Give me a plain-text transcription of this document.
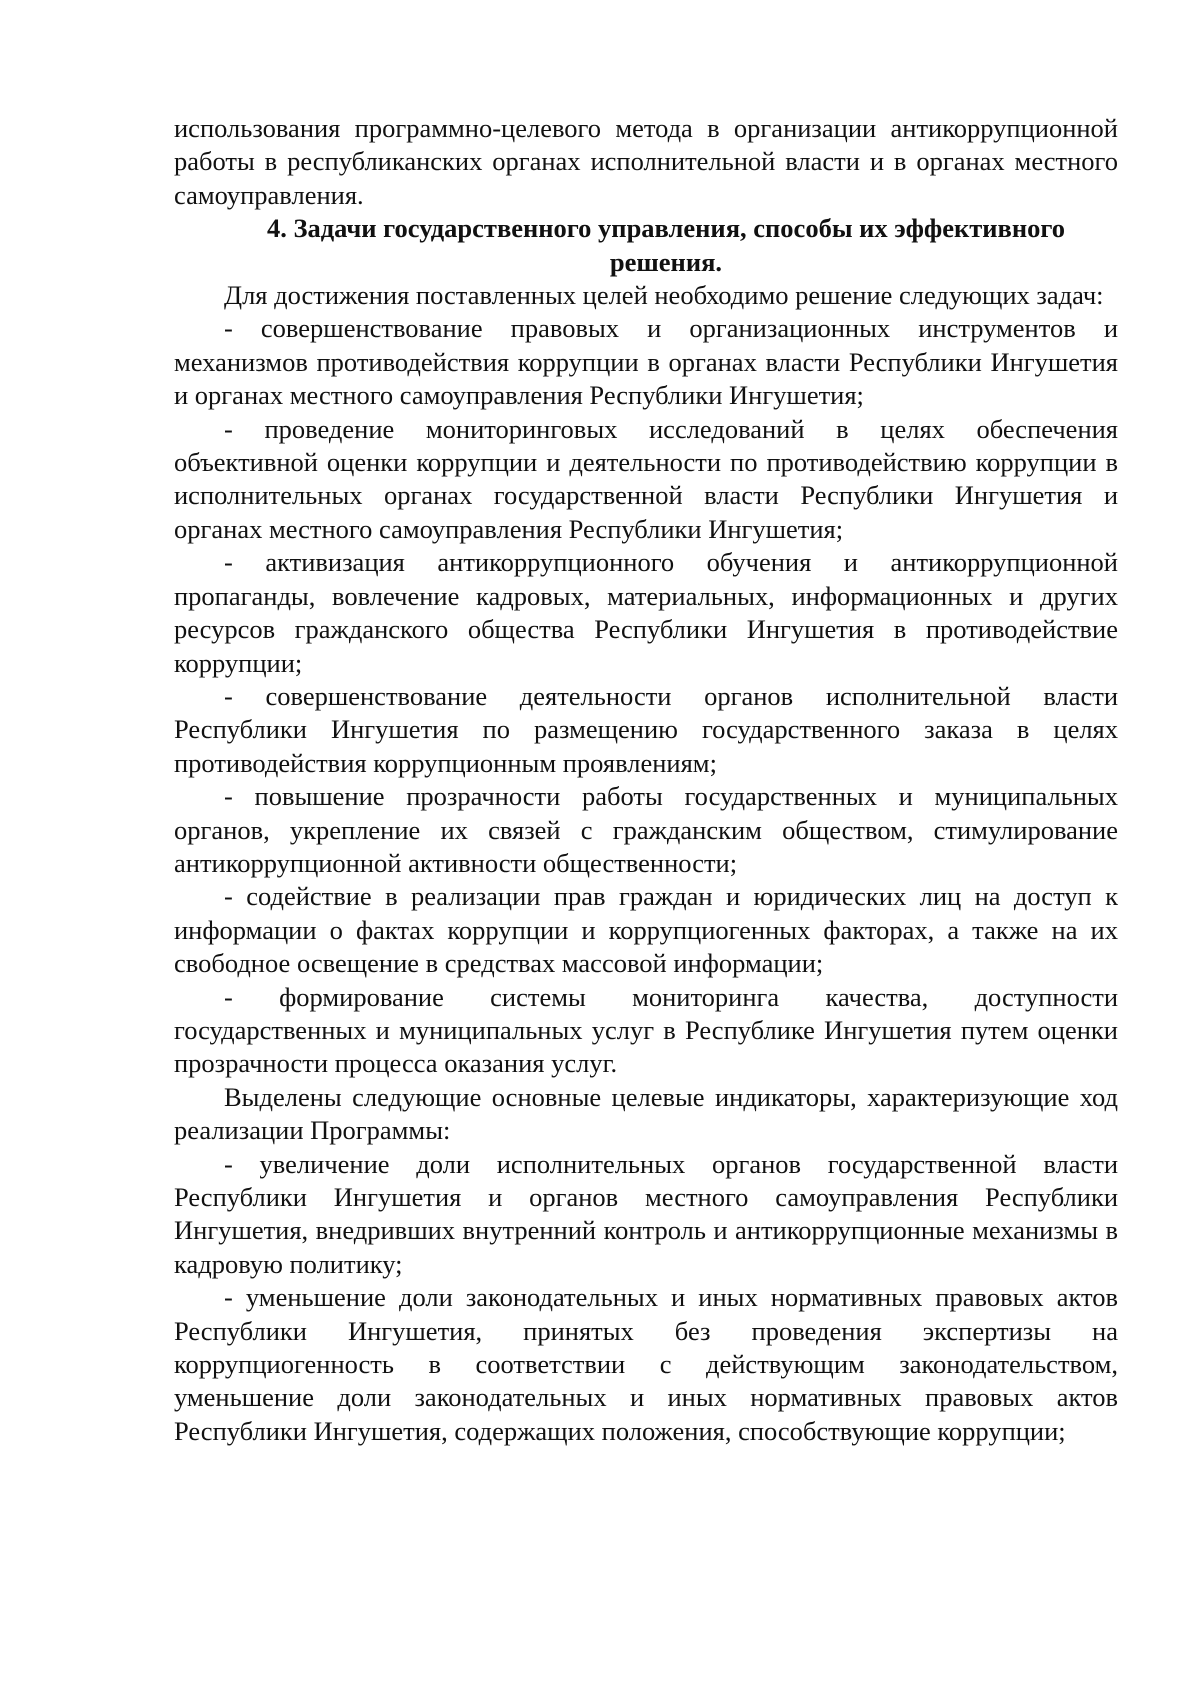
использования программно-целевого метода в организации антикоррупционной работы в республиканских органах исполнительной власти и в органах местного самоуправления.

4. Задачи государственного управления, способы их эффективного решения.

Для достижения поставленных целей необходимо решение следующих задач:

- совершенствование правовых и организационных инструментов и механизмов противодействия коррупции в органах власти Республики Ингушетия и органах местного самоуправления Республики Ингушетия;

- проведение мониторинговых исследований в целях обеспечения объективной оценки коррупции и деятельности по противодействию коррупции в исполнительных органах государственной власти Республики Ингушетия и органах местного самоуправления Республики Ингушетия;

- активизация антикоррупционного обучения и антикоррупционной пропаганды, вовлечение кадровых, материальных, информационных и других ресурсов гражданского общества Республики Ингушетия в противодействие коррупции;

- совершенствование деятельности органов исполнительной власти Республики Ингушетия по размещению государственного заказа в целях противодействия коррупционным проявлениям;

- повышение прозрачности работы государственных и муниципальных органов, укрепление их связей с гражданским обществом, стимулирование антикоррупционной активности общественности;

- содействие в реализации прав граждан и юридических лиц на доступ к информации о фактах коррупции и коррупциогенных факторах, а также на их свободное освещение в средствах массовой информации;

- формирование системы мониторинга качества, доступности государственных и муниципальных услуг в Республике Ингушетия путем оценки прозрачности процесса оказания услуг.

Выделены следующие основные целевые индикаторы, характеризующие ход реализации Программы:

- увеличение доли исполнительных органов государственной власти Республики Ингушетия и органов местного самоуправления Республики Ингушетия, внедривших внутренний контроль и антикоррупционные механизмы в кадровую политику;

- уменьшение доли законодательных и иных нормативных правовых актов Республики Ингушетия, принятых без проведения экспертизы на коррупциогенность в соответствии с действующим законодательством, уменьшение доли законодательных и иных нормативных правовых актов Республики Ингушетия, содержащих положения, способствующие коррупции;
